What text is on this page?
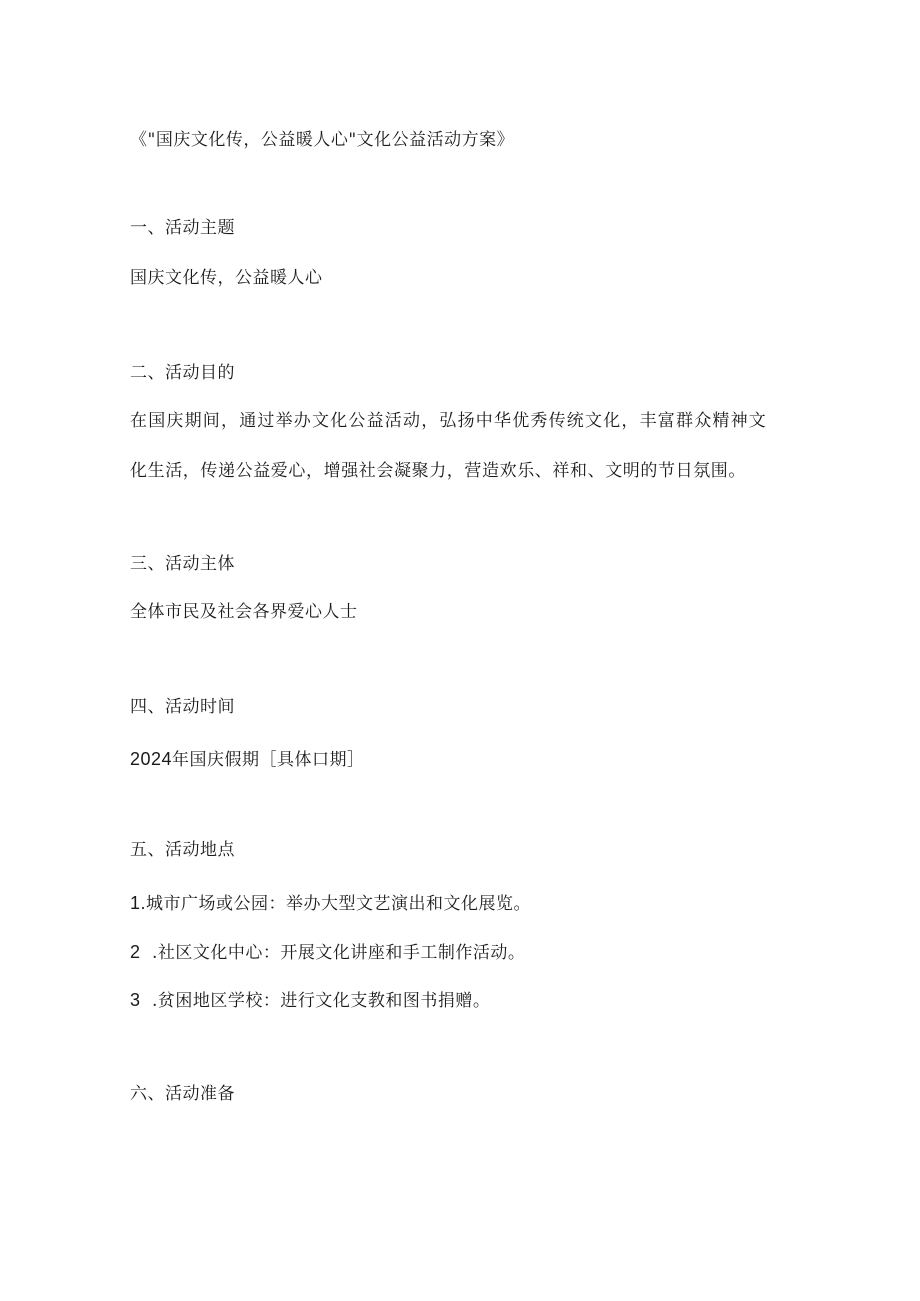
《"国庆文化传，公益暖人心"文化公益活动方案》
一、活动主题
国庆文化传，公益暖人心
二、活动目的
在国庆期间，通过举办文化公益活动，弘扬中华优秀传统文化，丰富群众精神文
化生活，传递公益爱心，增强社会凝聚力，营造欢乐、祥和、文明的节日氛围。
三、活动主体
全体市民及社会各界爱心人士
四、活动时间
2024年国庆假期［具体口期］
五、活动地点
1.城市广场或公园：举办大型文艺演出和文化展览。
2 .社区文化中心：开展文化讲座和手工制作活动。
3 .贫困地区学校：进行文化支教和图书捐赠。
六、活动准备
